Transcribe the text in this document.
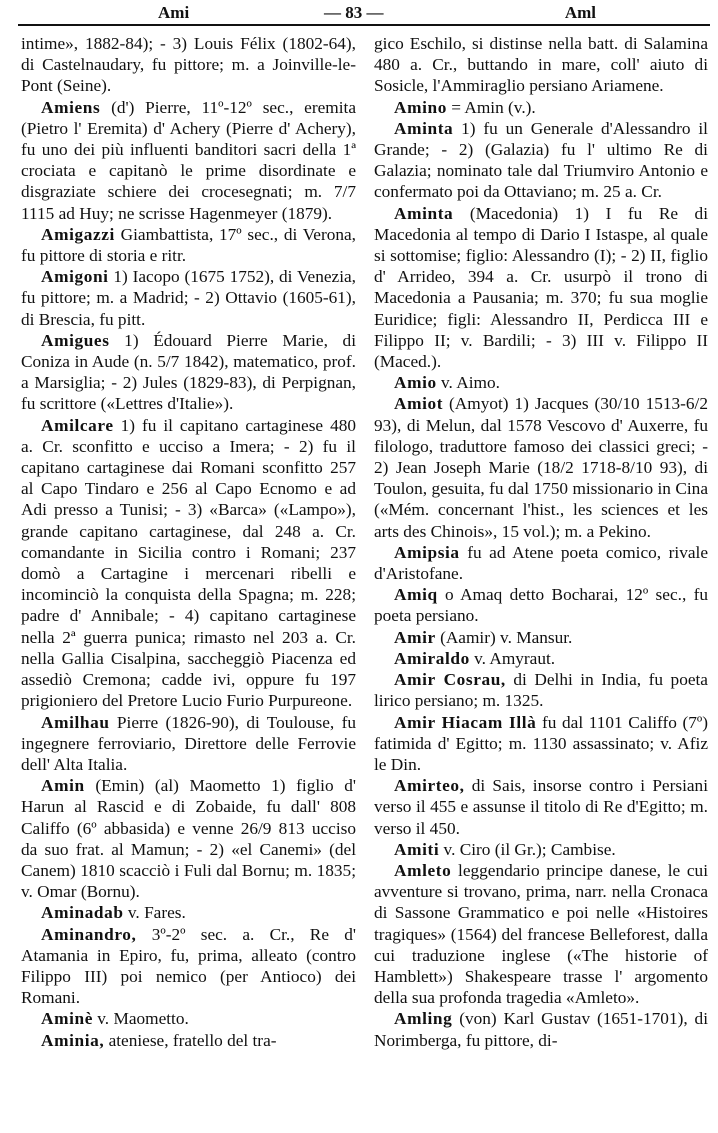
Ami	— 83 —	Aml

intime», 1882-84); - 3) Louis Félix (1802-64), di Castelnaudary, fu pittore; m. a Joinville-le-Pont (Seine).

Amiens (d') Pierre, 11º-12º sec., eremita (Pietro l' Eremita) d' Achery (Pierre d' Achery), fu uno dei più influenti banditori sacri della 1ª crociata e capitanò le prime disordinate e disgraziate schiere dei crocesegnati; m. 7/7 1115 ad Huy; ne scrisse Hagenmeyer (1879).

Amigazzi Giambattista, 17º sec., di Verona, fu pittore di storia e ritr.

Amigoni 1) Iacopo (1675 1752), di Venezia, fu pittore; m. a Madrid; - 2) Ottavio (1605-61), di Brescia, fu pitt.

Amigues 1) Édouard Pierre Marie, di Coniza in Aude (n. 5/7 1842), matematico, prof. a Marsiglia; - 2) Jules (1829-83), di Perpignan, fu scrittore («Lettres d'Italie»).

Amilcare 1) fu il capitano cartaginese 480 a. Cr. sconfitto e ucciso a Imera; - 2) fu il capitano cartaginese dai Romani sconfitto 257 al Capo Tindaro e 256 al Capo Ecnomo e ad Adi presso a Tunisi; - 3) «Barca» («Lampo»), grande capitano cartaginese, dal 248 a. Cr. comandante in Sicilia contro i Romani; 237 domò a Cartagine i mercenari ribelli e incominciò la conquista della Spagna; m. 228; padre d' Annibale; - 4) capitano cartaginese nella 2ª guerra punica; rimasto nel 203 a. Cr. nella Gallia Cisalpina, saccheggiò Piacenza ed assediò Cremona; cadde ivi, oppure fu 197 prigioniero del Pretore Lucio Furio Purpureone.

Amilhau Pierre (1826-90), di Toulouse, fu ingegnere ferroviario, Direttore delle Ferrovie dell' Alta Italia.

Amin (Emin) (al) Maometto 1) figlio d' Harun al Rascid e di Zobaide, fu dall' 808 Califfo (6º abbasida) e venne 26/9 813 ucciso da suo frat. al Mamun; - 2) «el Canemi» (del Canem) 1810 scacciò i Fuli dal Bornu; m. 1835; v. Omar (Bornu).

Aminadab v. Fares.

Aminandro, 3º-2º sec. a. Cr., Re d' Atamania in Epiro, fu, prima, alleato (contro Filippo III) poi nemico (per Antioco) dei Romani.

Aminè v. Maometto.

Aminia, ateniese, fratello del tra-

gico Eschilo, si distinse nella batt. di Salamina 480 a. Cr., buttando in mare, coll' aiuto di Sosicle, l'Ammiraglio persiano Ariamene.

Amino = Amin (v.).

Aminta 1) fu un Generale d'Alessandro il Grande; - 2) (Galazia) fu l' ultimo Re di Galazia; nominato tale dal Triumviro Antonio e confermato poi da Ottaviano; m. 25 a. Cr.

Aminta (Macedonia) 1) I fu Re di Macedonia al tempo di Dario I Istaspe, al quale si sottomise; figlio: Alessandro (I); - 2) II, figlio d' Arrideo, 394 a. Cr. usurpò il trono di Macedonia a Pausania; m. 370; fu sua moglie Euridice; figli: Alessandro II, Perdicca III e Filippo II; v. Bardili; - 3) III v. Filippo II (Maced.).

Amio v. Aimo.

Amiot (Amyot) 1) Jacques (30/10 1513-6/2 93), di Melun, dal 1578 Vescovo d' Auxerre, fu filologo, traduttore famoso dei classici greci; - 2) Jean Joseph Marie (18/2 1718-8/10 93), di Toulon, gesuita, fu dal 1750 missionario in Cina («Mém. concernant l'hist., les sciences et les arts des Chinois», 15 vol.); m. a Pekino.

Amipsia fu ad Atene poeta comico, rivale d'Aristofane.

Amiq o Amaq detto Bocharai, 12º sec., fu poeta persiano.

Amir (Aamir) v. Mansur.

Amiraldo v. Amyraut.

Amir Cosrau, di Delhi in India, fu poeta lirico persiano; m. 1325.

Amir Hiacam Illà fu dal 1101 Califfo (7º) fatimida d' Egitto; m. 1130 assassinato; v. Afiz le Din.

Amirteo, di Sais, insorse contro i Persiani verso il 455 e assunse il titolo di Re d'Egitto; m. verso il 450.

Amiti v. Ciro (il Gr.); Cambise.

Amleto leggendario principe danese, le cui avventure si trovano, prima, narr. nella Cronaca di Sassone Grammatico e poi nelle «Histoires tragiques» (1564) del francese Belleforest, dalla cui traduzione inglese («The historie of Hamblett») Shakespeare trasse l' argomento della sua profonda tragedia «Amleto».

Amling (von) Karl Gustav (1651-1701), di Norimberga, fu pittore, di-
